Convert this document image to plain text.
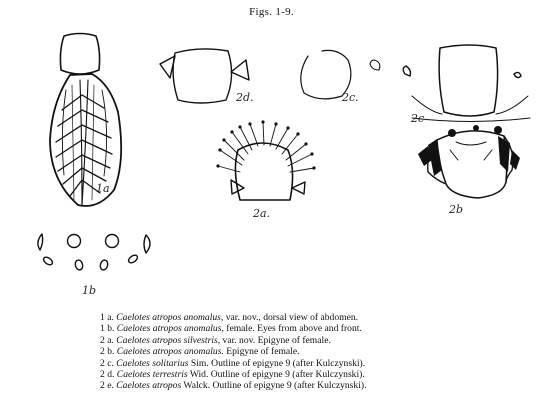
Figs. 1-9.
1a
1b
2a.	2b
2c.
2c
2d.
1 a. Caelotes atropos anomalus, var. nov., dorsal view of abdomen.
1 b. Caelotes atropos anomalus, female. Eyes from above and front.
2 a. Caelotes atropos silvestris, var. nov. Epigyne of female.
2 b. Caelotes atropos anomalus. Epigyne of female.
2 c. Caelotes solitarius Sim. Outline of epigyne 9 (after Kulczynski).
2 d. Caelotes terrestris Wid. Outline of epigyne 9 (after Kulczynski).
2 e. Caelotes atropos Walck. Outline of epigyne 9 (after Kulczynski).
